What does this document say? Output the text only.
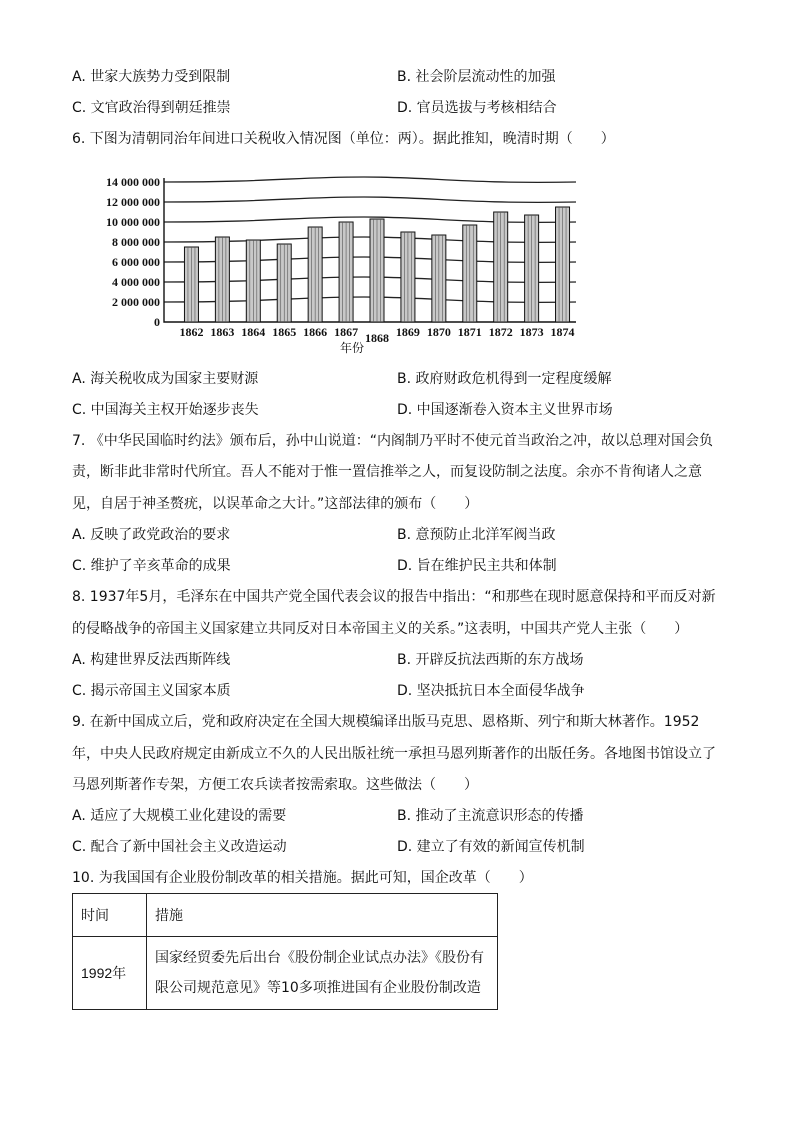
A. 世家大族势力受到限制	B. 社会阶层流动性的加强
C. 文官政治得到朝廷推崇	D. 官员选拔与考核相结合
6. 下图为清朝同治年间进口关税收入情况图（单位：两）。据此推知，晚清时期（　　）
14 000 000
12 000 000
10 000 000
8 000 000
6 000 000
4 000 000
2 000 000
0
1862 1863 1864 1865 1866 1867 1868 1869 1870 1871 1872 1873 1874
年份
A. 海关税收成为国家主要财源	B. 政府财政危机得到一定程度缓解
C. 中国海关主权开始逐步丧失	D. 中国逐渐卷入资本主义世界市场
7. 《中华民国临时约法》颁布后，孙中山说道：“内阁制乃平时不使元首当政治之冲，故以总理对国会负
责，断非此非常时代所宜。吾人不能对于惟一置信推举之人，而复设防制之法度。余亦不肯徇诸人之意
见，自居于神圣赘疣，以误革命之大计。”这部法律的颁布（　　）
A. 反映了政党政治的要求	B. 意预防止北洋军阀当政
C. 维护了辛亥革命的成果	D. 旨在维护民主共和体制
8. 1937年5月，毛泽东在中国共产党全国代表会议的报告中指出：“和那些在现时愿意保持和平而反对新
的侵略战争的帝国主义国家建立共同反对日本帝国主义的关系。”这表明，中国共产党人主张（　　）
A. 构建世界反法西斯阵线	B. 开辟反抗法西斯的东方战场
C. 揭示帝国主义国家本质	D. 坚决抵抗日本全面侵华战争
9. 在新中国成立后，党和政府决定在全国大规模编译出版马克思、恩格斯、列宁和斯大林著作。1952
年，中央人民政府规定由新成立不久的人民出版社统一承担马恩列斯著作的出版任务。各地图书馆设立了
马恩列斯著作专架，方便工农兵读者按需索取。这些做法（　　）
A. 适应了大规模工业化建设的需要	B. 推动了主流意识形态的传播
C. 配合了新中国社会主义改造运动	D. 建立了有效的新闻宣传机制
10. 为我国国有企业股份制改革的相关措施。据此可知，国企改革（　　）
时间	措施
1992年	国家经贸委先后出台《股份制企业试点办法》《股份有
限公司规范意见》等10多项推进国有企业股份制改造
